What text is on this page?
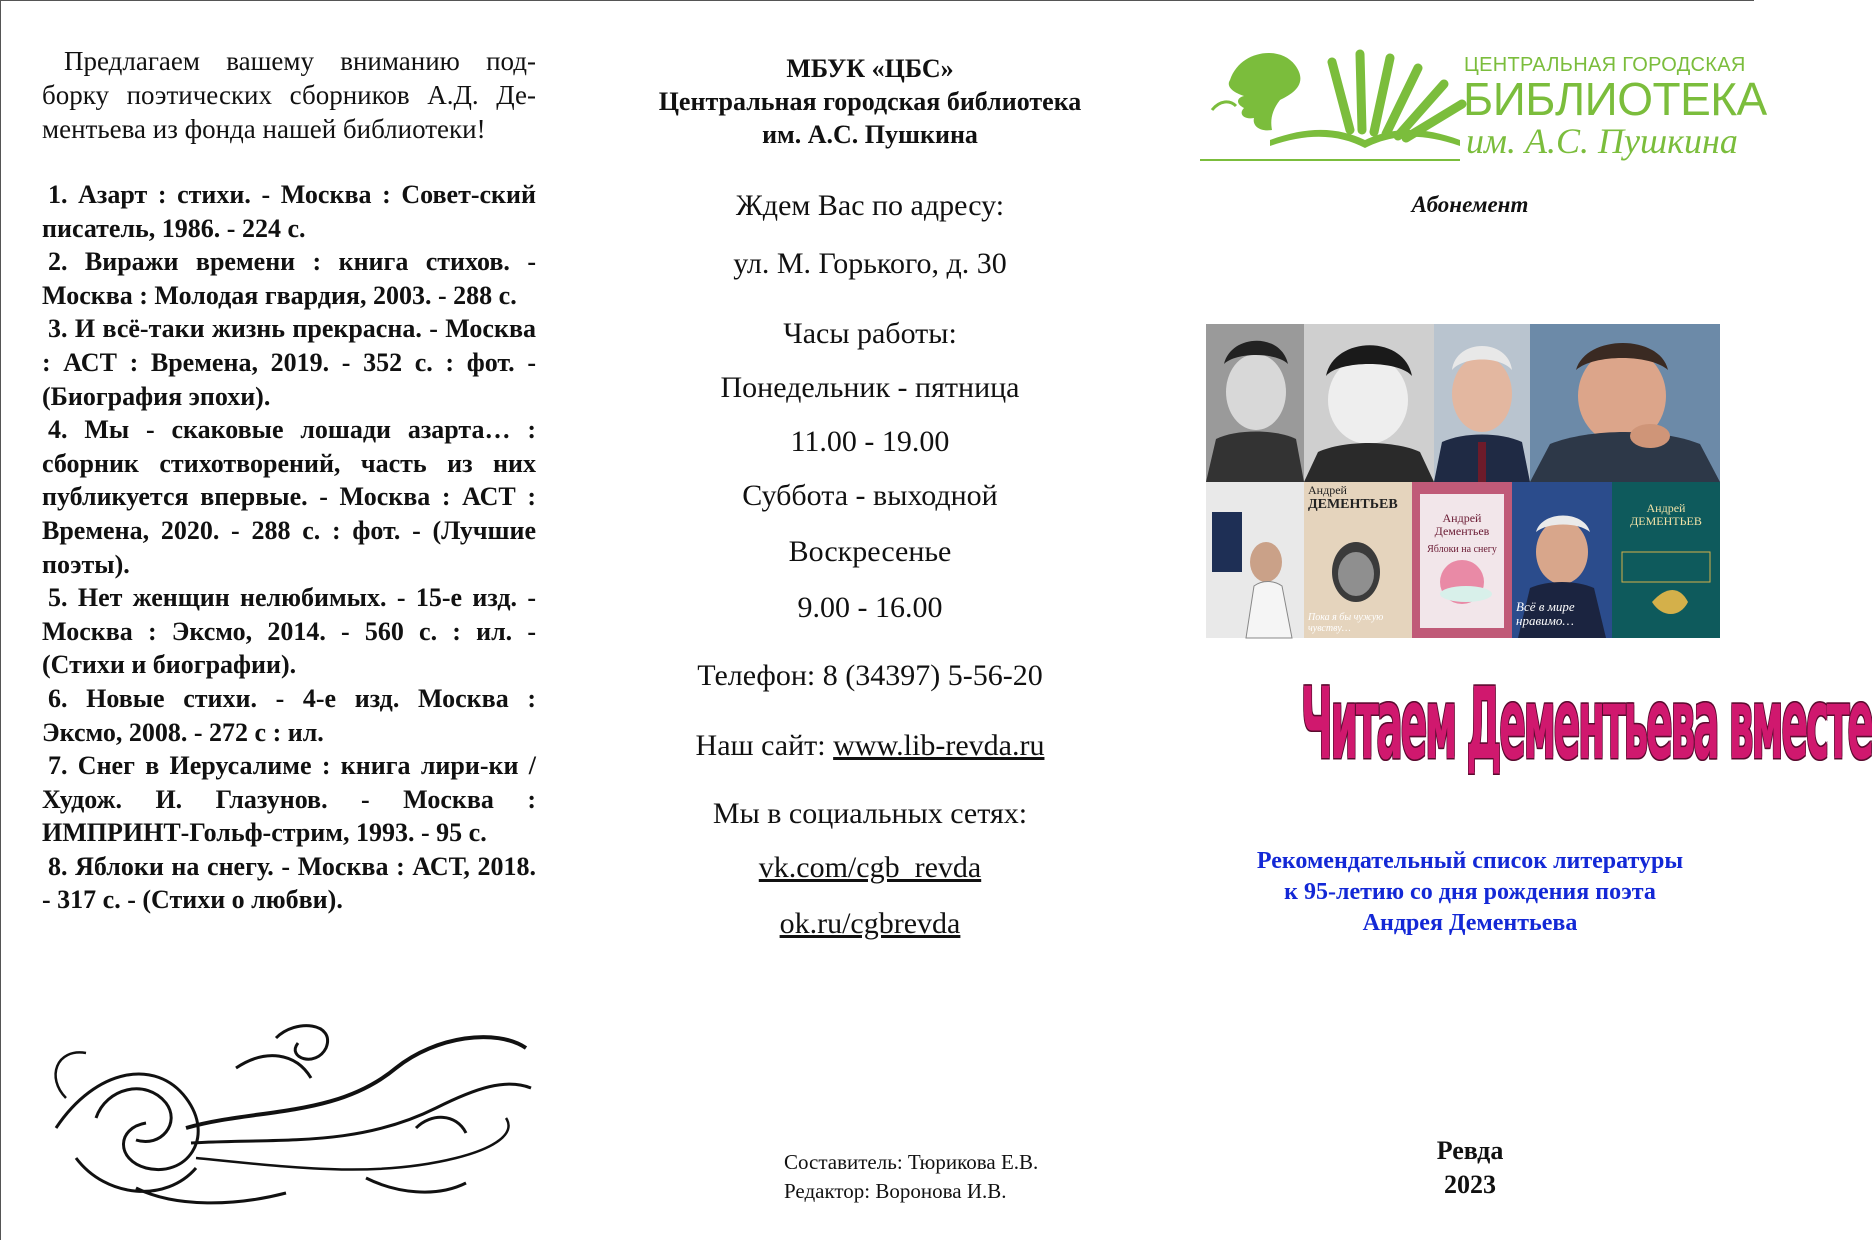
Предлагаем вашему вниманию под-борку поэтических сборников А.Д. Де-ментьева из фонда нашей библиотеки!

1. Азарт : стихи. - Москва : Совет-ский писатель, 1986. - 224 с.
2. Виражи времени : книга стихов. - Москва : Молодая гвардия, 2003. - 288 с.
3. И всё-таки жизнь прекрасна. - Москва : АСТ : Времена, 2019. - 352 с. : фот. - (Биография эпохи).
4. Мы - скаковые лошади азарта… : сборник стихотворений, часть из них публикуется впервые. - Москва : АСТ : Времена, 2020. - 288 с. : фот. - (Лучшие поэты).
5. Нет женщин нелюбимых. - 15-е изд. - Москва : Эксмо, 2014. - 560 с. : ил. - (Стихи и биографии).
6. Новые стихи. - 4-е изд. Москва : Эксмо, 2008. - 272 с : ил.
7. Снег в Иерусалиме : книга лири-ки / Худож. И. Глазунов. - Москва : ИМПРИНТ-Гольф-стрим, 1993. - 95 с.
8. Яблоки на снегу. - Москва : АСТ, 2018. - 317 с. - (Стихи о любви).
МБУК «ЦБС»
Центральная городская библиотека
им. А.С. Пушкина
Ждем Вас по адресу:
ул. М. Горького, д. 30
Часы работы:
Понедельник - пятница
11.00 - 19.00
Суббота - выходной
Воскресенье
9.00 - 16.00
Телефон: 8 (34397) 5-56-20
Наш сайт: www.lib-revda.ru
Мы в социальных сетях:
vk.com/cgb_revda
ok.ru/cgbrevda
Составитель: Тюрикова Е.В.
Редактор: Воронова И.В.
ЦЕНТРАЛЬНАЯ ГОРОДСКАЯ
БИБЛИОТЕКА
им. А.С. Пушкина
Абонемент
Андрей
ДЕМЕНТЬЕВ
Пока я бы чужую чувству…
Андрей
Дементьев
Яблоки на снегу
Всё в мире нравимо…
Андрей
ДЕМЕНТЬЕВ
Читаем Дементьева вместе
Рекомендательный список литературы
к 95-летию со дня рождения поэта
Андрея Дементьева
Ревда
2023
